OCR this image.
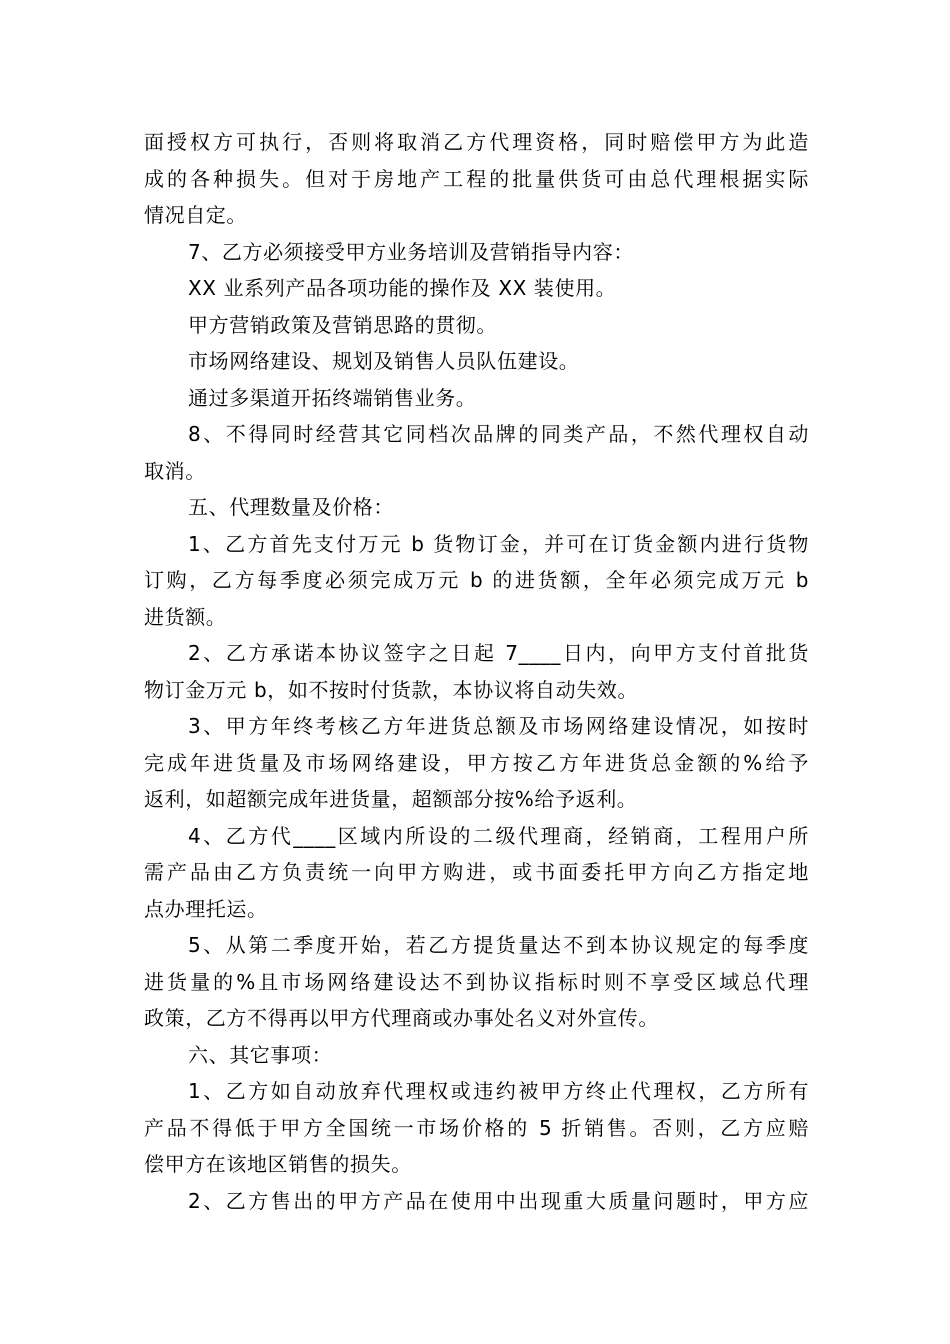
面授权方可执行，否则将取消乙方代理资格，同时赔偿甲方为此造
成的各种损失。但对于房地产工程的批量供货可由总代理根据实际
情况自定。
7、乙方必须接受甲方业务培训及营销指导内容：
XX 业系列产品各项功能的操作及 XX 装使用。
甲方营销政策及营销思路的贯彻。
市场网络建设、规划及销售人员队伍建设。
通过多渠道开拓终端销售业务。
8、不得同时经营其它同档次品牌的同类产品，不然代理权自动
取消。
五、代理数量及价格：
1、乙方首先支付万元 b 货物订金，并可在订货金额内进行货物
订购，乙方每季度必须完成万元 b 的进货额，全年必须完成万元 b
进货额。
2、乙方承诺本协议签字之日起 7____日内，向甲方支付首批货
物订金万元 b，如不按时付货款，本协议将自动失效。
3、甲方年终考核乙方年进货总额及市场网络建设情况，如按时
完成年进货量及市场网络建设，甲方按乙方年进货总金额的%给予
返利，如超额完成年进货量，超额部分按%给予返利。
4、乙方代____区域内所设的二级代理商，经销商，工程用户所
需产品由乙方负责统一向甲方购进，或书面委托甲方向乙方指定地
点办理托运。
5、从第二季度开始，若乙方提货量达不到本协议规定的每季度
进货量的%且市场网络建设达不到协议指标时则不享受区域总代理
政策，乙方不得再以甲方代理商或办事处名义对外宣传。
六、其它事项：
1、乙方如自动放弃代理权或违约被甲方终止代理权，乙方所有
产品不得低于甲方全国统一市场价格的 5 折销售。否则，乙方应赔
偿甲方在该地区销售的损失。
2、乙方售出的甲方产品在使用中出现重大质量问题时，甲方应
